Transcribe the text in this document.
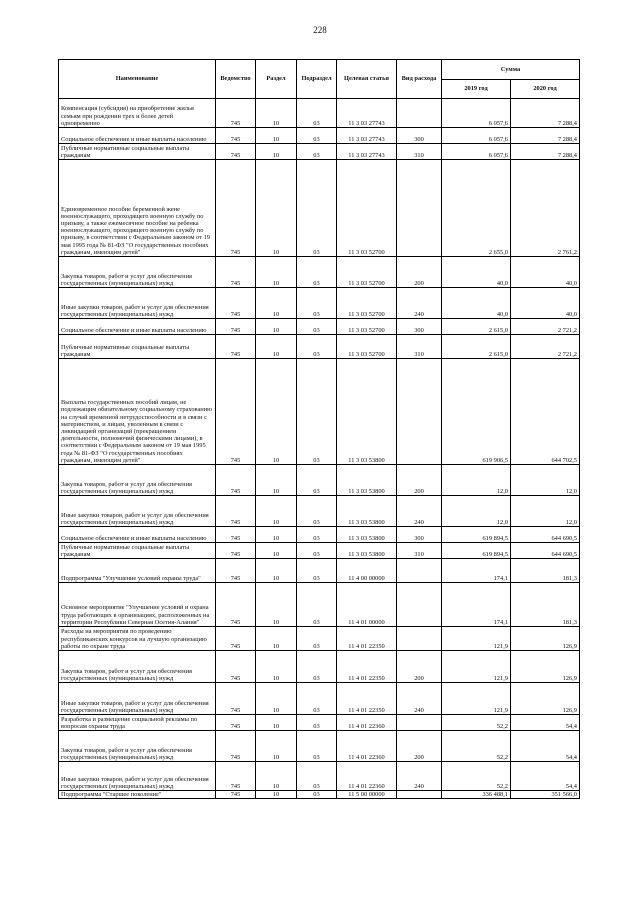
228
Наименование	Ведомство	Раздел	Подраздел	Целевая статья	Вид расхода	Сумма	
						2019 год	2020 год
Компенсация (субсидия) на приобретение жилья семьям при рождении трех и более детей одновременно	745	10	03	11 3 03 27743		6 057,6	7 288,4
Социальное обеспечение и иные выплаты населению	745	10	03	11 3 03 27743	300	6 057,6	7 288,4
Публичные нормативные социальные выплаты гражданам	745	10	03	11 3 03 27743	310	6 057,6	7 288,4
Единовременное пособие беременной жене военнослужащего, проходящего военную службу по призыву, а также ежемесячное пособие на ребенка военнослужащего, проходящего военную службу по призыву, в соответствии с Федеральным законом от 19 мая 1995 года № 81-ФЗ "О государственных пособиях гражданам, имеющим детей"	745	10	03	11 3 03 52700		2 655,0	2 761,2
Закупка товаров, работ и услуг для обеспечения государственных (муниципальных) нужд	745	10	03	11 3 03 52700	200	40,0	40,0
Иные закупки товаров, работ и услуг для обеспечения государственных (муниципальных) нужд	745	10	03	11 3 03 52700	240	40,0	40,0
Социальное обеспечение и иные выплаты населению	745	10	03	11 3 03 52700	300	2 615,0	2 721,2
Публичные нормативные социальные выплаты гражданам	745	10	03	11 3 03 52700	310	2 615,0	2 721,2
Выплаты государственных пособий лицам, не подлежащим обязательному социальному страхованию на случай временной нетрудоспособности и в связи с материнством, и лицам, уволенным в связи с ликвидацией организаций (прекращением деятельности, полномочий физическими лицами), в соответствии с Федеральным законом от 19 мая 1995 года № 81-ФЗ "О государственных пособиях гражданам, имеющим детей"	745	10	03	11 3 03 53800		619 906,5	644 702,5
Закупка товаров, работ и услуг для обеспечения государственных (муниципальных) нужд	745	10	03	11 3 03 53800	200	12,0	12,0
Иные закупки товаров, работ и услуг для обеспечения государственных (муниципальных) нужд	745	10	03	11 3 03 53800	240	12,0	12,0
Социальное обеспечение и иные выплаты населению	745	10	03	11 3 03 53800	300	619 894,5	644 690,5
Публичные нормативные социальные выплаты гражданам	745	10	03	11 3 03 53800	310	619 894,5	644 690,5
Подпрограмма "Улучшение условий охраны труда"	745	10	03	11 4 00 00000		174,1	181,3
Основное мероприятие "Улучшение условий и охрана труда работающих в организациях, расположенных на территории Республики Северная Осетия-Алания"	745	10	03	11 4 01 00000		174,1	181,3
Расходы на мероприятия по проведению республиканских конкурсов на лучшую организацию работы по охране труда	745	10	03	11 4 01 22350		121,9	126,9
Закупка товаров, работ и услуг для обеспечения государственных (муниципальных) нужд	745	10	03	11 4 01 22350	200	121,9	126,9
Иные закупки товаров, работ и услуг для обеспечения государственных (муниципальных) нужд	745	10	03	11 4 01 22350	240	121,9	126,9
Разработка и размещение социальной рекламы по вопросам охраны труда	745	10	03	11 4 01 22360		52,2	54,4
Закупка товаров, работ и услуг для обеспечения государственных (муниципальных) нужд	745	10	03	11 4 01 22360	200	52,2	54,4
Иные закупки товаров, работ и услуг для обеспечения государственных (муниципальных) нужд	745	10	03	11 4 01 22360	240	52,2	54,4
Подпрограмма "Старшее поколение"	745	10	03	11 5 00 00000		336 488,1	351 566,0
